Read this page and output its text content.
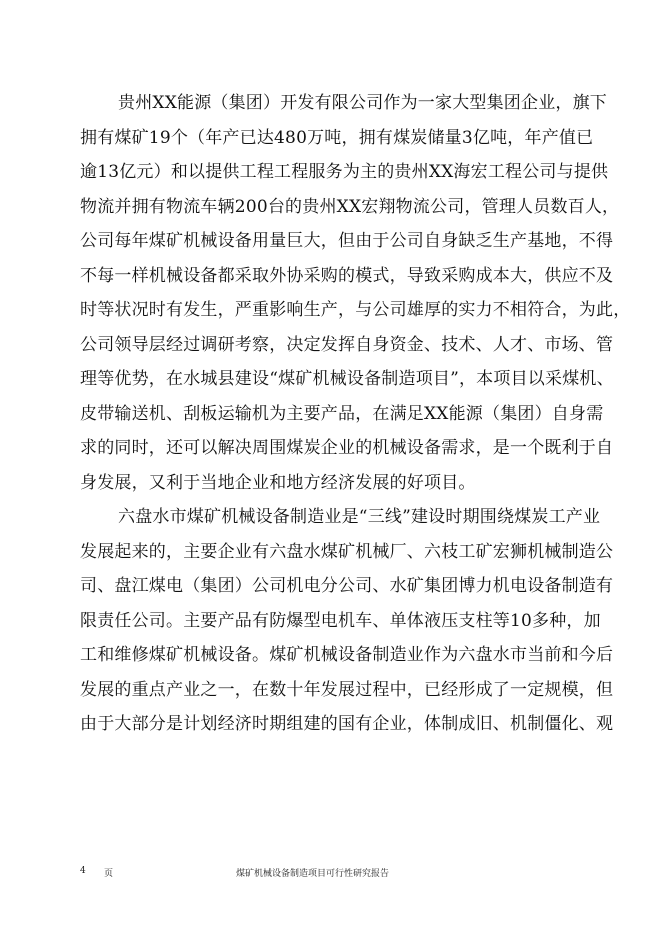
贵州XX能源（集团）开发有限公司作为一家大型集团企业，旗下
拥有煤矿19个（年产已达480万吨，拥有煤炭储量3亿吨，年产值已
逾13亿元）和以提供工程工程服务为主的贵州XX海宏工程公司与提供
物流并拥有物流车辆200台的贵州XX宏翔物流公司，管理人员数百人，
公司每年煤矿机械设备用量巨大，但由于公司自身缺乏生产基地，不得
不每一样机械设备都采取外协采购的模式，导致采购成本大，供应不及
时等状况时有发生，严重影响生产，与公司雄厚的实力不相符合，为此，
公司领导层经过调研考察，决定发挥自身资金、技术、人才、市场、管
理等优势，在水城县建设“煤矿机械设备制造项目”，本项目以采煤机、
皮带输送机、刮板运输机为主要产品，在满足XX能源（集团）自身需
求的同时，还可以解决周围煤炭企业的机械设备需求，是一个既利于自
身发展，又利于当地企业和地方经济发展的好项目。
六盘水市煤矿机械设备制造业是“三线”建设时期围绕煤炭工产业
发展起来的，主要企业有六盘水煤矿机械厂、六枝工矿宏狮机械制造公
司、盘江煤电（集团）公司机电分公司、水矿集团博力机电设备制造有
限责任公司。主要产品有防爆型电机车、单体液压支柱等10多种，加
工和维修煤矿机械设备。煤矿机械设备制造业作为六盘水市当前和今后
发展的重点产业之一，在数十年发展过程中，已经形成了一定规模，但
由于大部分是计划经济时期组建的国有企业，体制成旧、机制僵化、观
4 页	煤矿机械设备制造项目可行性研究报告
